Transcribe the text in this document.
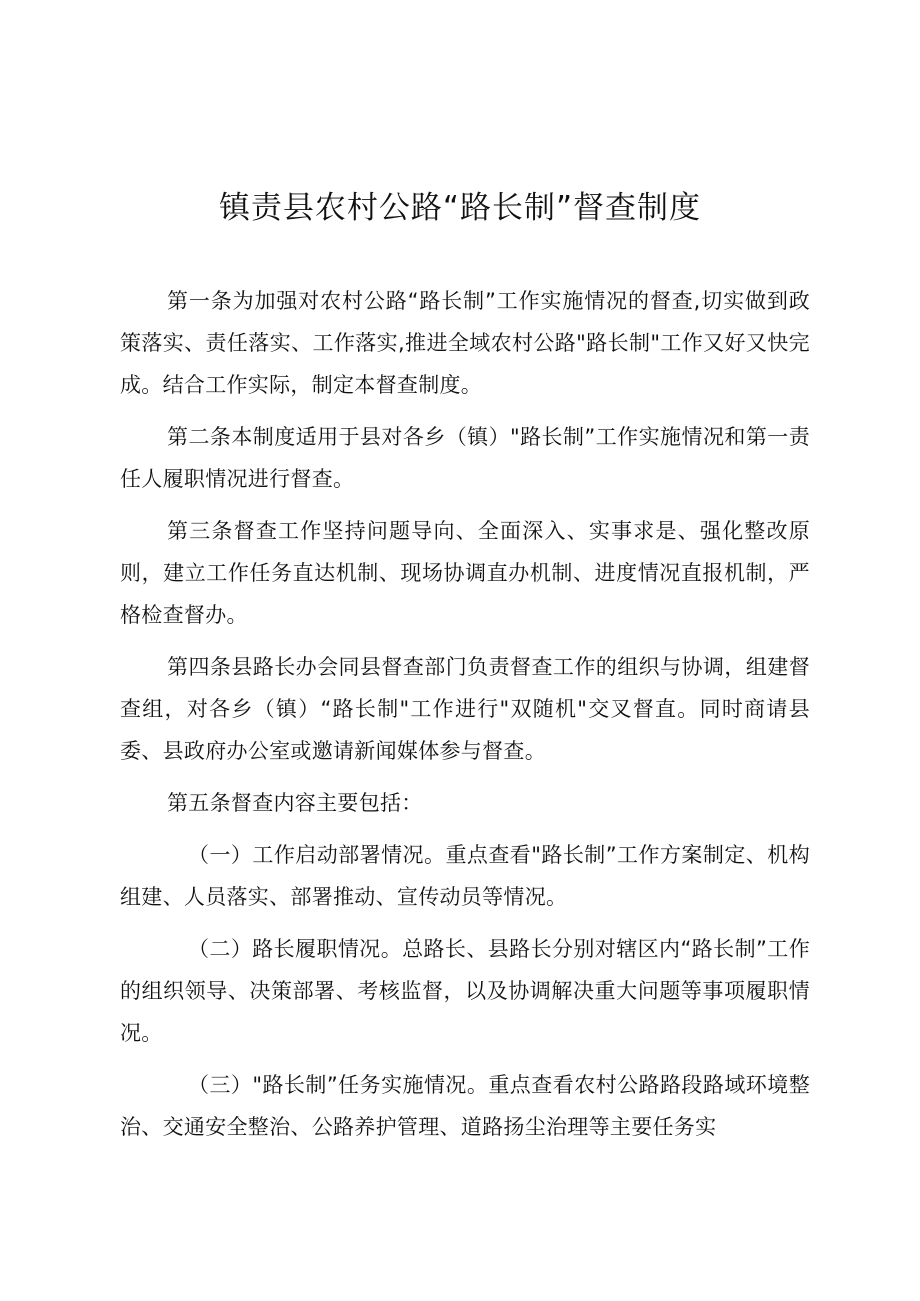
镇责县农村公路“路长制”督查制度

第一条为加强对农村公路“路长制”工作实施情况的督查,切实做到政策落实、责任落实、工作落实,推进全域农村公路"路长制"工作又好又快完成。结合工作实际，制定本督查制度。

第二条本制度适用于县对各乡（镇）"路长制”工作实施情况和第一责任人履职情况进行督查。

第三条督查工作坚持问题导向、全面深入、实事求是、强化整改原则，建立工作任务直达机制、现场协调直办机制、进度情况直报机制，严格检查督办。

第四条县路长办会同县督查部门负责督查工作的组织与协调，组建督查组，对各乡（镇）“路长制"工作进行"双随机"交叉督直。同时商请县委、县政府办公室或邀请新闻媒体参与督查。

第五条督查内容主要包括：

（一）工作启动部署情况。重点查看"路长制”工作方案制定、机构组建、人员落实、部署推动、宣传动员等情况。

（二）路长履职情况。总路长、县路长分别对辖区内“路长制”工作的组织领导、决策部署、考核监督，以及协调解决重大问题等事项履职情况。

（三）"路长制”任务实施情况。重点查看农村公路路段路域环境整治、交通安全整治、公路养护管理、道路扬尘治理等主要任务实
